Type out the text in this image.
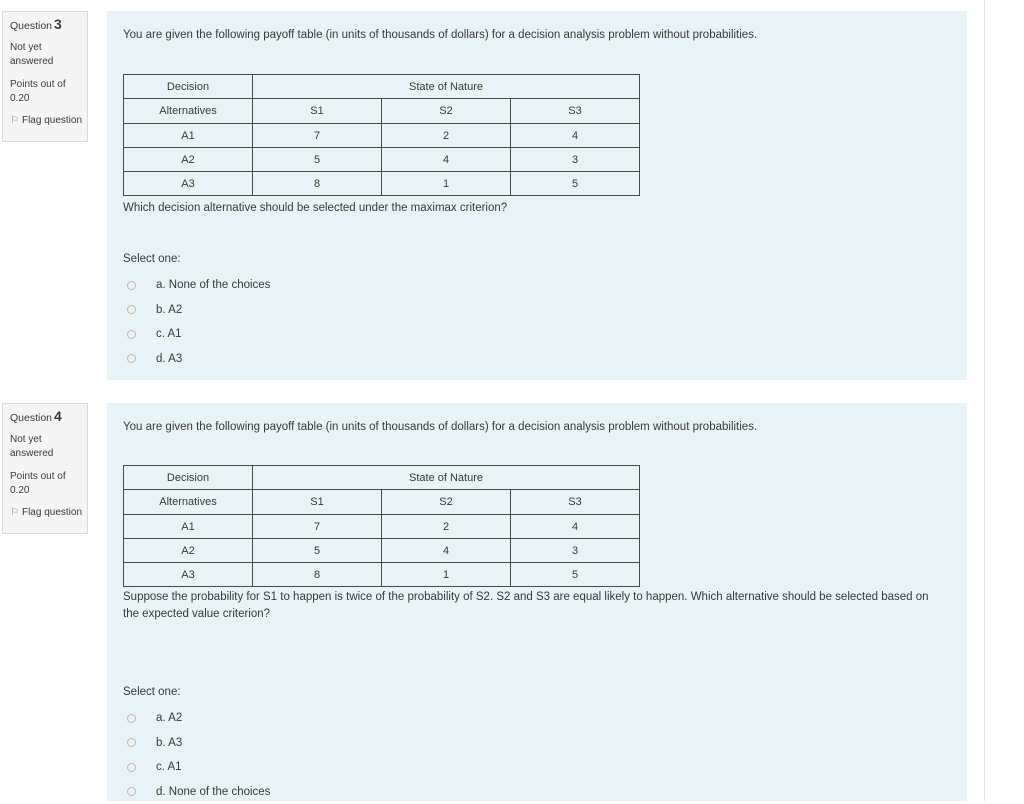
Question 3
Not yet answered
Points out of 0.20
⚐ Flag question
You are given the following payoff table (in units of thousands of dollars) for a decision analysis problem without probabilities.
Decision	State of Nature		
Alternatives	S1	S2	S3
A1	7	2	4
A2	5	4	3
A3	8	1	5
Which decision alternative should be selected under the maximax criterion?
Select one:
a. None of the choices
b. A2
c. A1
d. A3
Question 4
Not yet answered
Points out of 0.20
⚐ Flag question
You are given the following payoff table (in units of thousands of dollars) for a decision analysis problem without probabilities.
Decision	State of Nature		
Alternatives	S1	S2	S3
A1	7	2	4
A2	5	4	3
A3	8	1	5
Suppose the probability for S1 to happen is twice of the probability of S2. S2 and S3 are equal likely to happen. Which alternative should be selected based on the expected value criterion?
Select one:
a. A2
b. A3
c. A1
d. None of the choices
